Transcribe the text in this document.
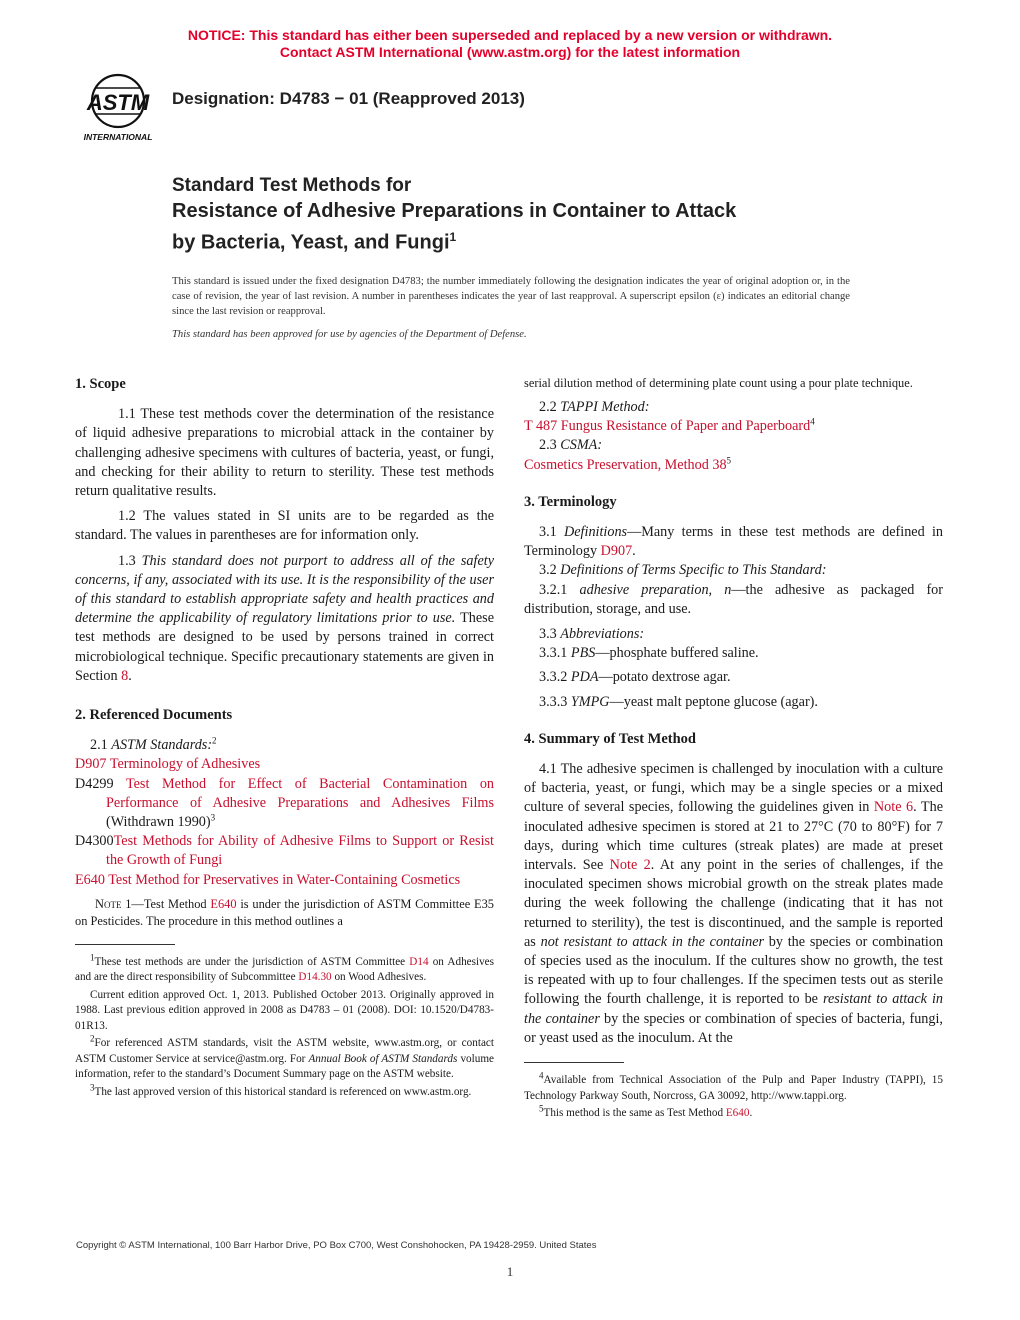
NOTICE: This standard has either been superseded and replaced by a new version or withdrawn.
Contact ASTM International (www.astm.org) for the latest information
ASTM
INTERNATIONAL
Designation: D4783 − 01 (Reapproved 2013)
Standard Test Methods for
Resistance of Adhesive Preparations in Container to Attack
by Bacteria, Yeast, and Fungi$^1$
This standard is issued under the fixed designation D4783; the number immediately following the designation indicates the year of original adoption or, in the case of revision, the year of last revision. A number in parentheses indicates the year of last reapproval. A superscript epsilon (ε) indicates an editorial change since the last revision or reapproval.
This standard has been approved for use by agencies of the Department of Defense.
1. Scope

1.1 These test methods cover the determination of the resistance of liquid adhesive preparations to microbial attack in the container by challenging adhesive specimens with cultures of bacteria, yeast, or fungi, and checking for their ability to return to sterility. These test methods return qualitative results.

1.2 The values stated in SI units are to be regarded as the standard. The values in parentheses are for information only.

1.3 This standard does not purport to address all of the safety concerns, if any, associated with its use. It is the responsibility of the user of this standard to establish appropriate safety and health practices and determine the applicability of regulatory limitations prior to use. These test methods are designed to be used by persons trained in correct microbiological technique. Specific precautionary statements are given in Section 8.

2. Referenced Documents

2.1 ASTM Standards:$^2$

D907 Terminology of Adhesives

D4299 Test Method for Effect of Bacterial Contamination on Performance of Adhesive Preparations and Adhesives Films (Withdrawn 1990)$^3$

D4300Test Methods for Ability of Adhesive Films to Support or Resist the Growth of Fungi

E640 Test Method for Preservatives in Water-Containing Cosmetics

Note 1—Test Method E640 is under the jurisdiction of ASTM Committee E35 on Pesticides. The procedure in this method outlines a

$^1$These test methods are under the jurisdiction of ASTM Committee D14 on Adhesives and are the direct responsibility of Subcommittee D14.30 on Wood Adhesives.

Current edition approved Oct. 1, 2013. Published October 2013. Originally approved in 1988. Last previous edition approved in 2008 as D4783 – 01 (2008). DOI: 10.1520/D4783-01R13.

$^2$For referenced ASTM standards, visit the ASTM website, www.astm.org, or contact ASTM Customer Service at service@astm.org. For Annual Book of ASTM Standards volume information, refer to the standard’s Document Summary page on the ASTM website.

$^3$The last approved version of this historical standard is referenced on www.astm.org.

serial dilution method of determining plate count using a pour plate technique.

2.2 TAPPI Method:

T 487 Fungus Resistance of Paper and Paperboard$^4$

2.3 CSMA:

Cosmetics Preservation, Method $38^5$

3. Terminology

3.1 Definitions—Many terms in these test methods are defined in Terminology D907.

3.2 Definitions of Terms Specific to This Standard:

3.2.1 adhesive preparation, n—the adhesive as packaged for distribution, storage, and use.

3.3 Abbreviations:

3.3.1 PBS—phosphate buffered saline.

3.3.2 PDA—potato dextrose agar.

3.3.3 YMPG—yeast malt peptone glucose (agar).

4. Summary of Test Method

4.1 The adhesive specimen is challenged by inoculation with a culture of bacteria, yeast, or fungi, which may be a single species or a mixed culture of several species, following the guidelines given in Note 6. The inoculated adhesive specimen is stored at 21 to 27°C (70 to 80°F) for 7 days, during which time cultures (streak plates) are made at preset intervals. See Note 2. At any point in the series of challenges, if the inoculated specimen shows microbial growth on the streak plates made during the week following the challenge (indicating that it has not returned to sterility), the test is discontinued, and the sample is reported as not resistant to attack in the container by the species or combination of species used as the inoculum. If the cultures show no growth, the test is repeated with up to four challenges. If the specimen tests out as sterile following the fourth challenge, it is reported to be resistant to attack in the container by the species or combination of species of bacteria, fungi, or yeast used as the inoculum. At the

$^4$Available from Technical Association of the Pulp and Paper Industry (TAPPI), 15 Technology Parkway South, Norcross, GA 30092, http://www.tappi.org.

$^5$This method is the same as Test Method E640.

Copyright © ASTM International, 100 Barr Harbor Drive, PO Box C700, West Conshohocken, PA 19428-2959. United States
1
